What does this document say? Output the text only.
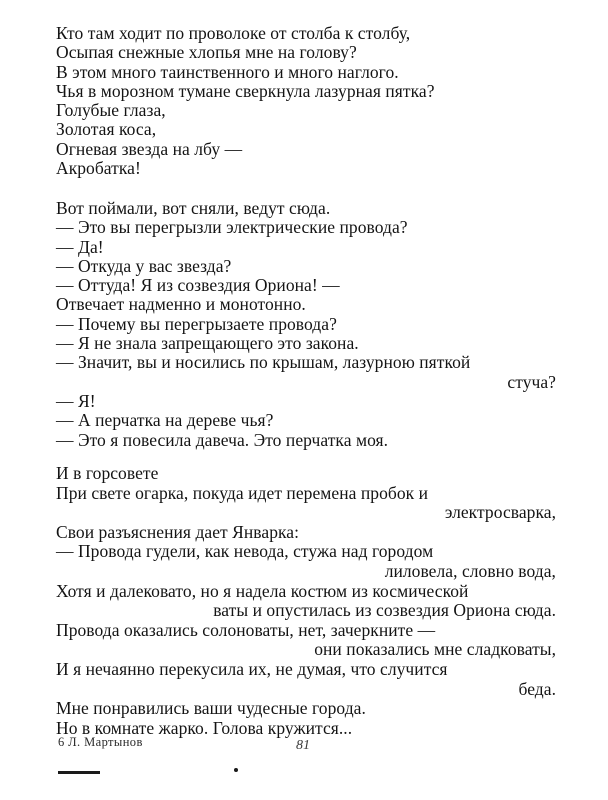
Кто там ходит по проволоке от столба к столбу,
Осыпая снежные хлопья мне на голову?
В этом много таинственного и много наглого.
Чья в морозном тумане сверкнула лазурная пятка?
Голубые глаза,
Золотая коса,
Огневая звезда на лбу —
Акробатка!
Вот поймали, вот сняли, ведут сюда.
— Это вы перегрызли электрические провода?
— Да!
— Откуда у вас звезда?
— Оттуда! Я из созвездия Ориона! —
Отвечает надменно и монотонно.
— Почему вы перегрызаете провода?
— Я не знала запрещающего это закона.
— Значит, вы и носились по крышам, лазурною пяткой
стуча?
— Я!
— А перчатка на дереве чья?
— Это я повесила давеча. Это перчатка моя.
И в горсовете
При свете огарка, покуда идет перемена пробок и
электросварка,
Свои разъяснения дает Январка:
— Провода гудели, как невода, стужа над городом
лиловела, словно вода,
Хотя и далековато, но я надела костюм из космической
ваты и опустилась из созвездия Ориона сюда.
Провода оказались солоноваты, нет, зачеркните —
они показались мне сладковаты,
И я нечаянно перекусила их, не думая, что случится
беда.
Мне понравились ваши чудесные города.
Но в комнате жарко. Голова кружится...
6 Л. Мартынов	81
